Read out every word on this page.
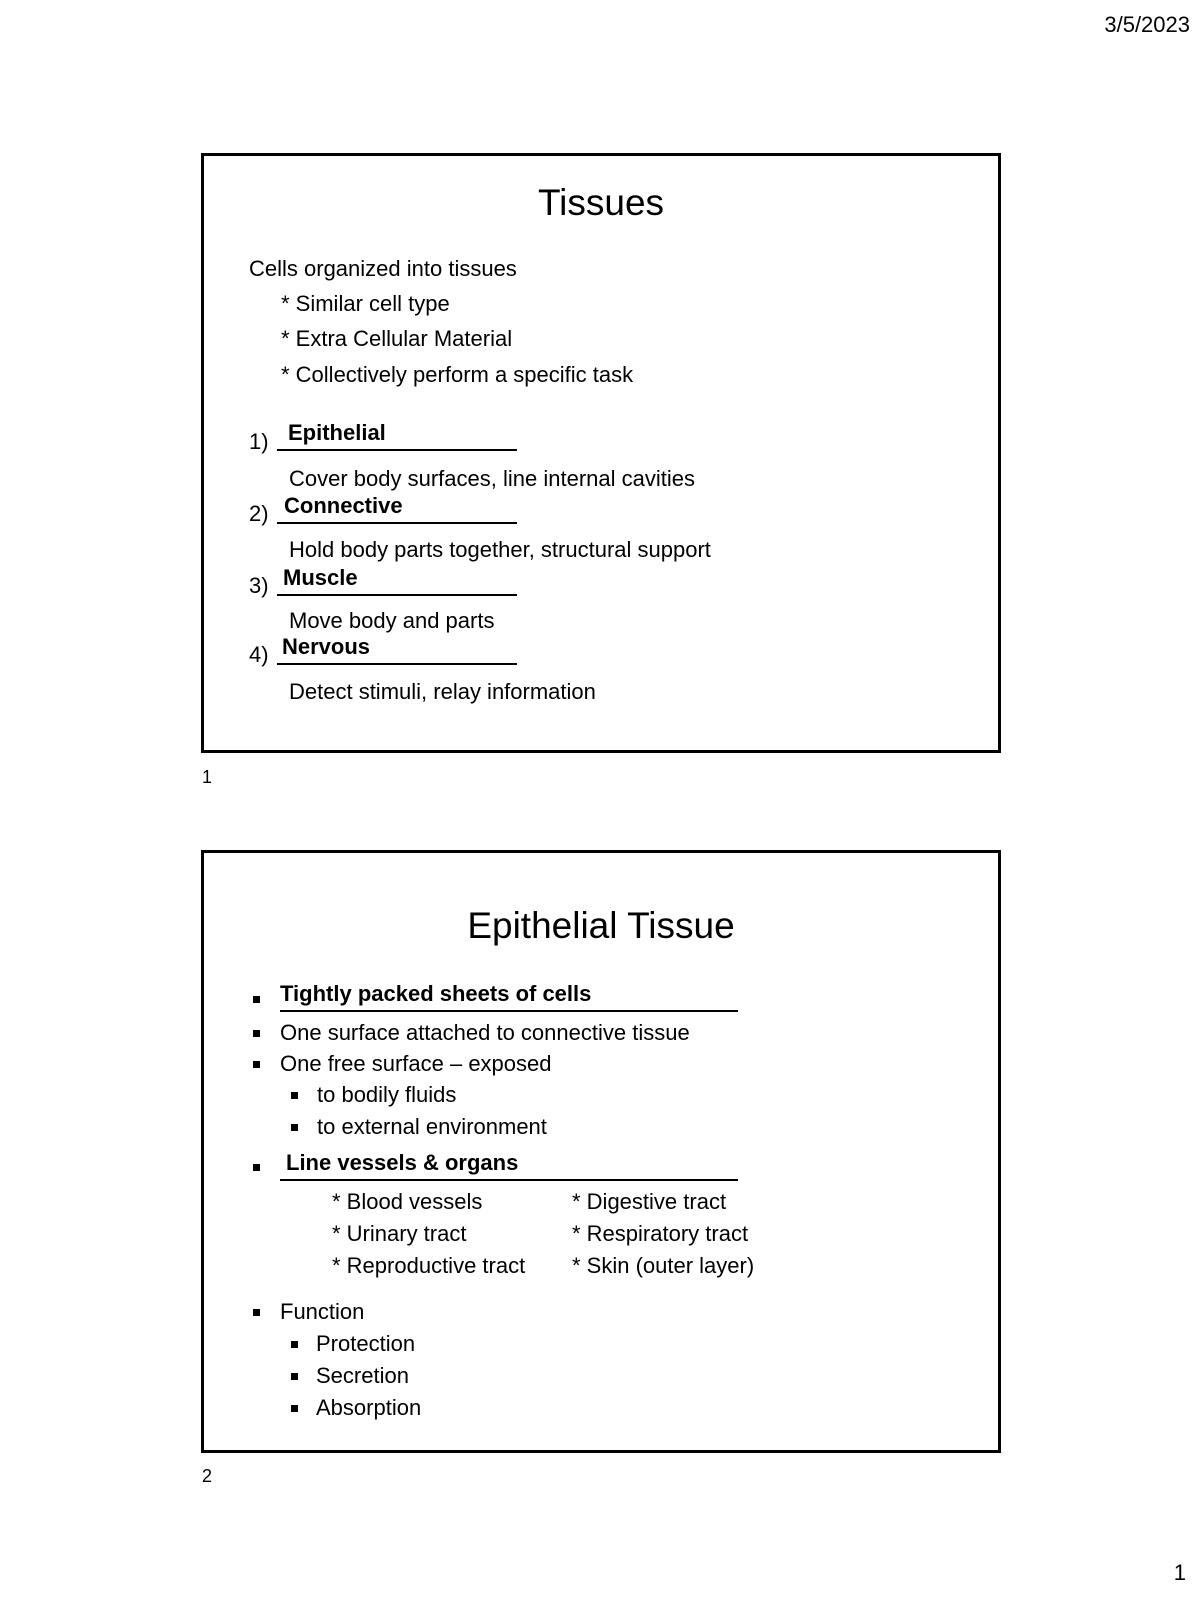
3/5/2023
Tissues
Cells organized into tissues
* Similar cell type
* Extra Cellular Material
* Collectively perform a specific task
1) Epithelial
Cover body surfaces, line internal cavities
2) Connective
Hold body parts together, structural support
3) Muscle
Move body and parts
4) Nervous
Detect stimuli, relay information
1
Epithelial Tissue
Tightly packed sheets of cells
One surface attached to connective tissue
One free surface – exposed
to bodily fluids
to external environment
Line vessels & organs
* Blood vessels
* Urinary tract
* Reproductive tract
* Digestive tract
* Respiratory tract
* Skin (outer layer)
Function
Protection
Secretion
Absorption
2
1
